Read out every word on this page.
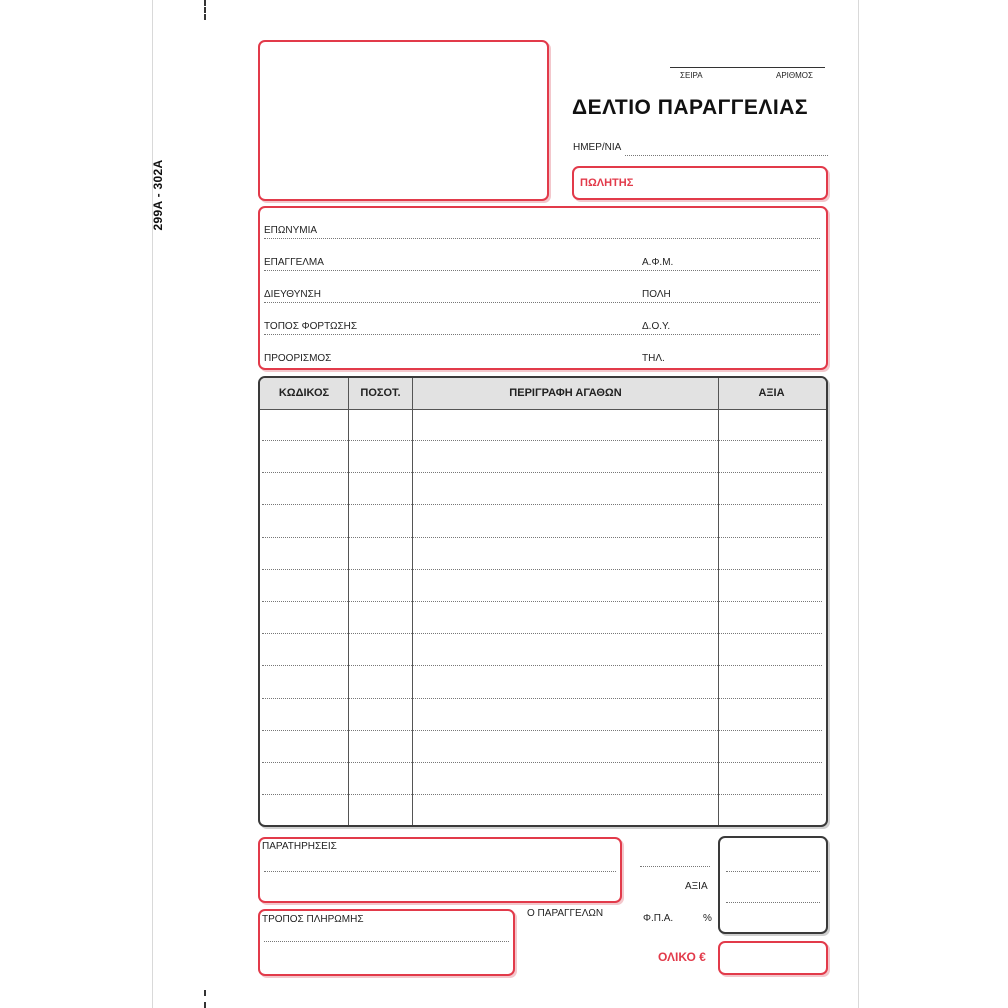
299A - 302A
ΣΕΙΡΑ	ΑΡΙΘΜΟΣ
ΔΕΛΤΙΟ ΠΑΡΑΓΓΕΛΙΑΣ
ΗΜΕΡ/ΝΙΑ
ΠΩΛΗΤΗΣ
ΕΠΩΝΥΜΙΑ
ΕΠΑΓΓΕΛΜΑ	Α.Φ.Μ.
ΔΙΕΥΘΥΝΣΗ	ΠΟΛΗ
ΤΟΠΟΣ ΦΟΡΤΩΣΗΣ	Δ.Ο.Υ.
ΠΡΟΟΡΙΣΜΟΣ	ΤΗΛ.
ΚΩΔΙΚΟΣ	ΠΟΣΟΤ.	ΠΕΡΙΓΡΑΦΗ ΑΓΑΘΩΝ	ΑΞΙΑ
ΠΑΡΑΤΗΡΗΣΕΙΣ
ΤΡΟΠΟΣ ΠΛΗΡΩΜΗΣ
Ο ΠΑΡΑΓΓΕΛΩΝ
ΑΞΙΑ
Φ.Π.Α.	%
ΟΛΙΚΟ €
